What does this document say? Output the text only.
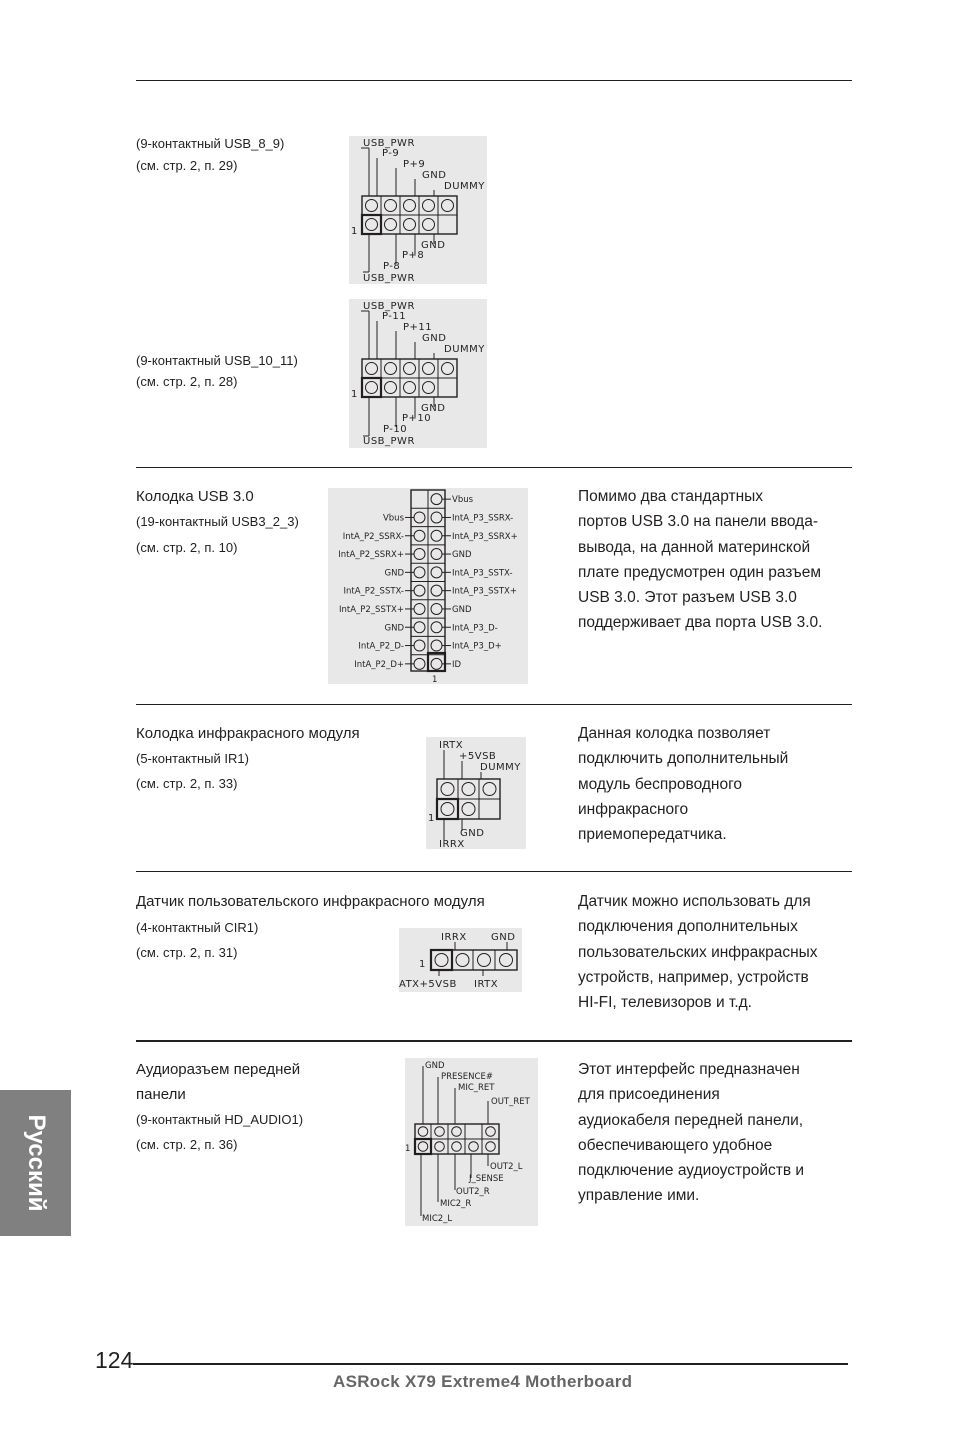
(9-контактный USB_8_9)
(см. стр. 2, п. 29)
USB_PWR
P-9
P+9
GND
DUMMY
1
GND
P+8
P-8
USB_PWR
(9-контактный USB_10_11)
(см. стр. 2, п. 28)
USB_PWR
P-11
P+11
GND
DUMMY
1
GND
P+10
P-10
USB_PWR
Колодка USB 3.0
(19-контактный USB3_2_3)
(см. стр. 2, п. 10)
Vbus
IntA_P3_SSRX-
IntA_P3_SSRX+
GND
IntA_P3_SSTX-
IntA_P3_SSTX+
GND
IntA_P3_D-
IntA_P3_D+
ID
Vbus
IntA_P2_SSRX-
IntA_P2_SSRX+
GND
IntA_P2_SSTX-
IntA_P2_SSTX+
GND
IntA_P2_D-
IntA_P2_D+
1
Помимо два стандартных
портов USB 3.0 на панели ввода-
вывода, на данной материнской
плате предусмотрен один разъем
USB 3.0. Этот разъем USB 3.0
поддерживает два порта USB 3.0.
Колодка инфракрасного модуля
(5-контактный IR1)
(см. стр. 2, п. 33)
IRTX
+5VSB
DUMMY
1
GND
IRRX
Данная колодка позволяет
подключить дополнительный
модуль беспроводного
инфракрасного
приемопередатчика.
Датчик пользовательского инфракрасного модуля
(4-контактный CIR1)
(см. стр. 2, п. 31)
IRRX GND
1
ATX+5VSB IRTX
Датчик можно использовать для
подключения дополнительных
пользовательских инфракрасных
устройств, например, устройств
HI-FI, телевизоров и т.д.
Аудиоразъем передней
панели
(9-контактный HD_AUDIO1)
(см. стр. 2, п. 36)
GND
PRESENCE#
MIC_RET
OUT_RET
1
OUT2_L
J_SENSE
OUT2_R
MIC2_R
MIC2_L
Этот интерфейс предназначен
для присоединения
аудиокабеля передней панели,
обеспечивающего удобное
подключение аудиоустройств и
управление ими.
Русский
124
ASRock X79 Extreme4 Motherboard
